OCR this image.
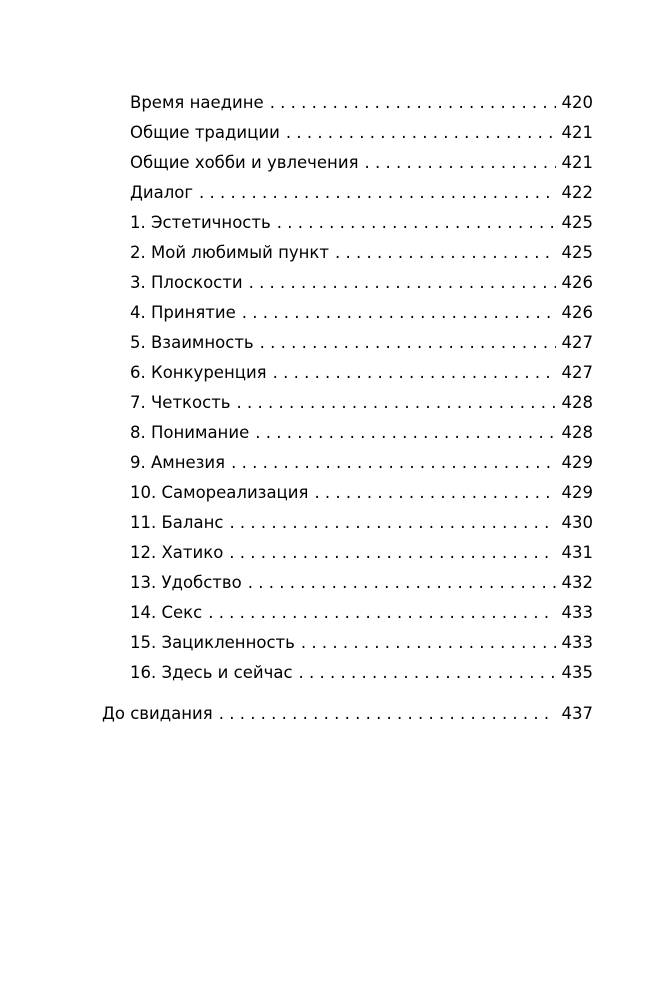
Время наедине . . .	420
Общие традиции . . .	421
Общие хобби и увлечения . . .	421
Диалог . . .	422
1. Эстетичность . . .	425
2. Мой любимый пункт . . .	425
3. Плоскости . . .	426
4. Принятие . . .	426
5. Взаимность . . .	427
6. Конкуренция . . .	427
7. Четкость . . .	428
8. Понимание . . .	428
9. Амнезия . . .	429
10. Самореализация . . .	429
11. Баланс . . .	430
12. Хатико . . .	431
13. Удобство . . .	432
14. Секс . . .	433
15. Зацикленность . . .	433
16. Здесь и сейчас . . .	435
До свидания . . .	437
